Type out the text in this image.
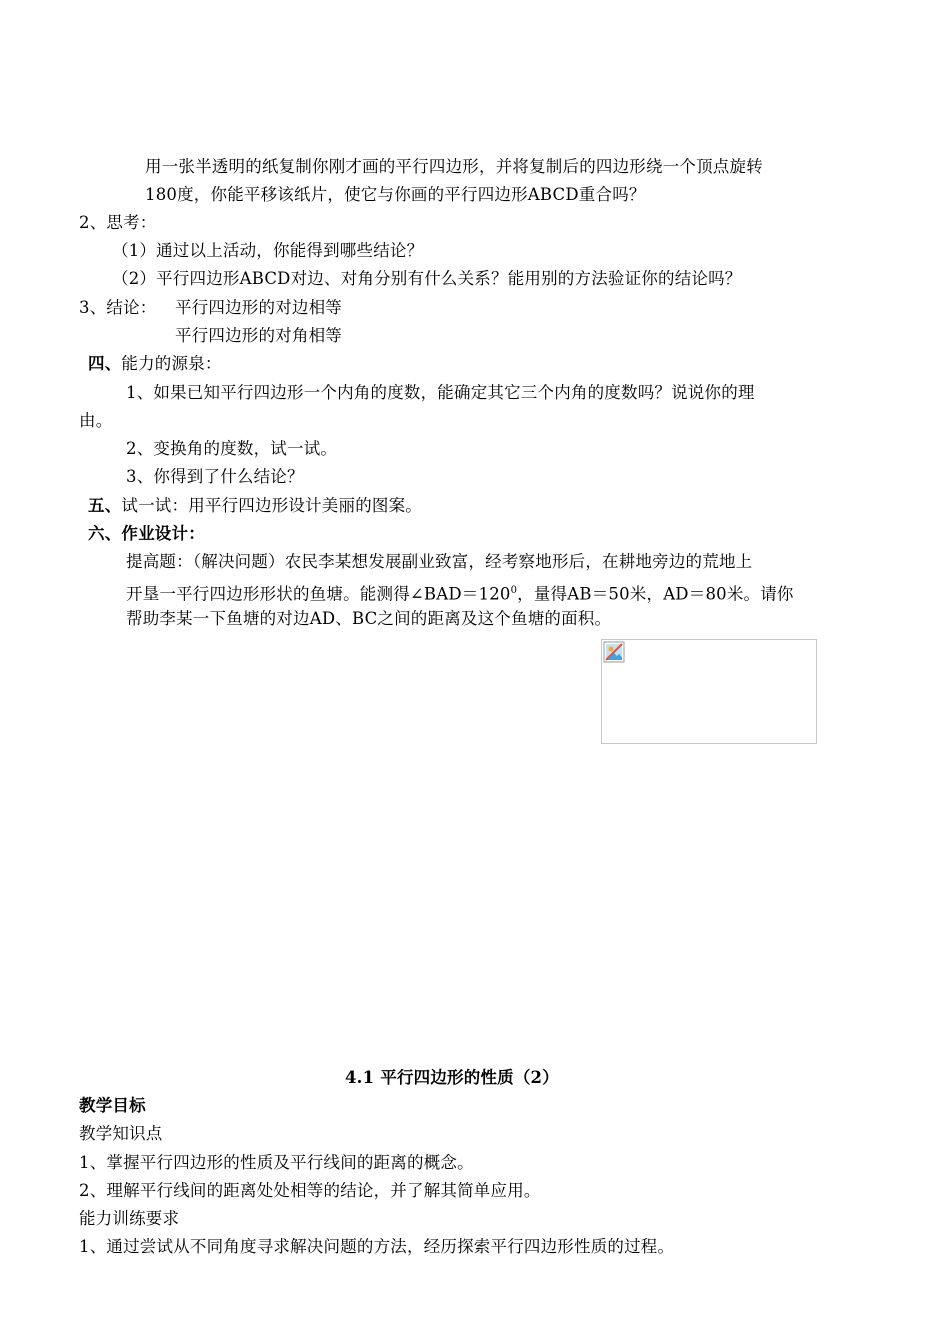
用一张半透明的纸复制你刚才画的平行四边形，并将复制后的四边形绕一个顶点旋转
180度，你能平移该纸片，使它与你画的平行四边形ABCD重合吗？
2、思考：
（1）通过以上活动，你能得到哪些结论？
（2）平行四边形ABCD对边、对角分别有什么关系？能用别的方法验证你的结论吗？
3、结论： 平行四边形的对边相等
平行四边形的对角相等
四、能力的源泉：
1、如果已知平行四边形一个内角的度数，能确定其它三个内角的度数吗？说说你的理
由。
2、变换角的度数，试一试。
3、你得到了什么结论？
五、试一试：用平行四边形设计美丽的图案。
六、作业设计：
提高题：（解决问题）农民李某想发展副业致富，经考察地形后，在耕地旁边的荒地上
开垦一平行四边形形状的鱼塘。能测得$\angle BAD=120^0$，量得AB＝50米，AD＝80米。请你
帮助李某一下鱼塘的对边AD、BC之间的距离及这个鱼塘的面积。
4.1 平行四边形的性质（2）
教学目标
教学知识点
1、掌握平行四边形的性质及平行线间的距离的概念。
2、理解平行线间的距离处处相等的结论，并了解其简单应用。
能力训练要求
1、通过尝试从不同角度寻求解决问题的方法，经历探索平行四边形性质的过程。
